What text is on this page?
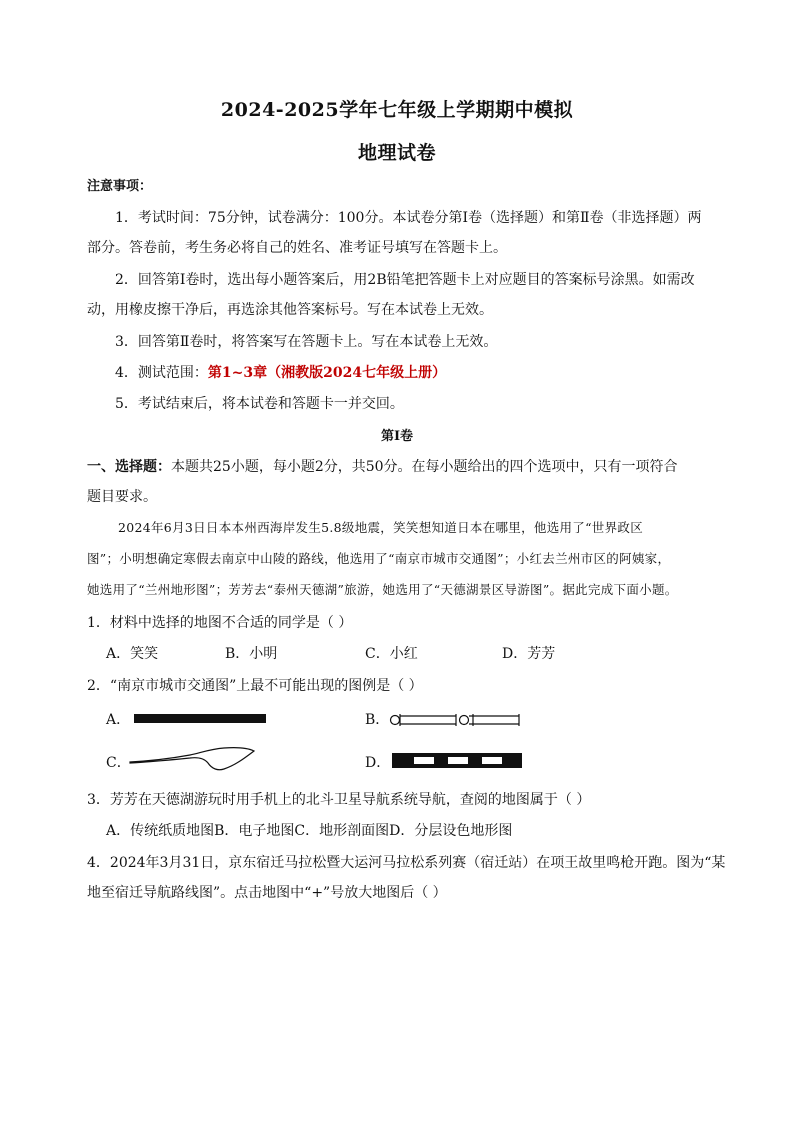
2024-2025学年七年级上学期期中模拟
地理试卷
注意事项：
1．考试时间：75分钟，试卷满分：100分。本试卷分第Ⅰ卷（选择题）和第Ⅱ卷（非选择题）两
部分。答卷前，考生务必将自己的姓名、准考证号填写在答题卡上。
2．回答第Ⅰ卷时，选出每小题答案后，用2B铅笔把答题卡上对应题目的答案标号涂黑。如需改
动，用橡皮擦干净后，再选涂其他答案标号。写在本试卷上无效。
3．回答第Ⅱ卷时，将答案写在答题卡上。写在本试卷上无效。
4．测试范围：第1~3章（湘教版2024七年级上册）
5．考试结束后，将本试卷和答题卡一并交回。
第Ⅰ卷
一、选择题：本题共25小题，每小题2分，共50分。在每小题给出的四个选项中，只有一项符合
题目要求。
2024年6月3日日本本州西海岸发生5.8级地震，笑笑想知道日本在哪里，他选用了“世界政区
图”；小明想确定寒假去南京中山陵的路线，他选用了“南京市城市交通图”；小红去兰州市区的阿姨家，
她选用了“兰州地形图”；芳芳去“泰州天德湖”旅游，她选用了“天德湖景区导游图”。据此完成下面小题。
1．材料中选择的地图不合适的同学是（ ）
A．笑笑	B．小明	C．小红	D．芳芳
2．“南京市城市交通图”上最不可能出现的图例是（ ）
A．	B．
C．	D．
3．芳芳在天德湖游玩时用手机上的北斗卫星导航系统导航，查阅的地图属于（ ）
A．传统纸质地图B．电子地图C．地形剖面图D．分层设色地形图
4．2024年3月31日，京东宿迁马拉松暨大运河马拉松系列赛（宿迁站）在项王故里鸣枪开跑。图为“某
地至宿迁导航路线图”。点击地图中“+”号放大地图后（ ）
